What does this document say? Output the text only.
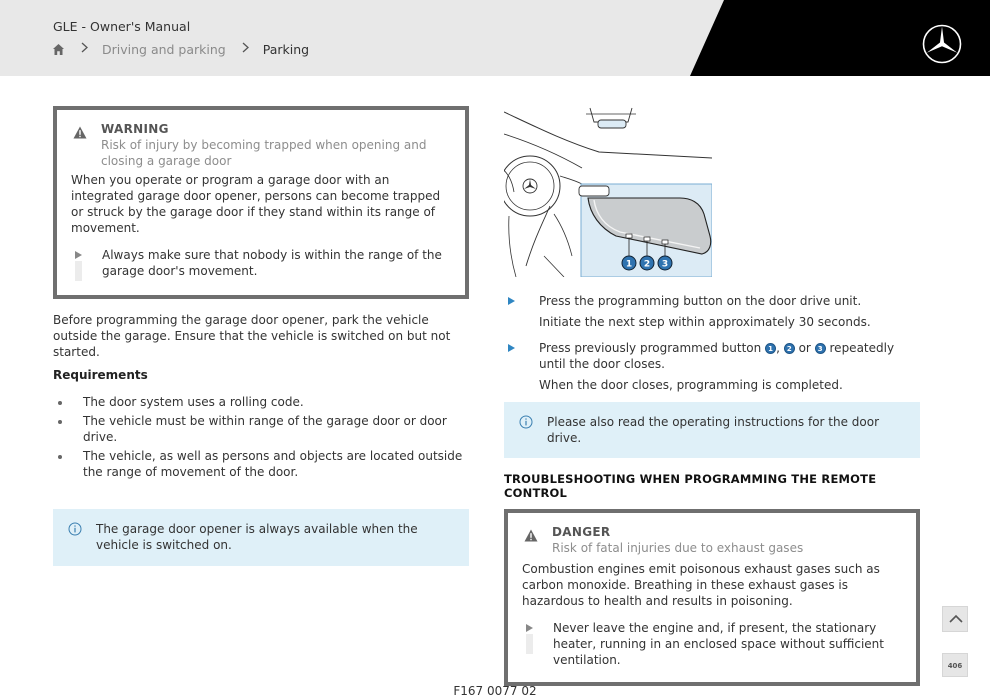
GLE - Owner's Manual
Driving and parking	Parking
WARNING
Risk of injury by becoming trapped when opening and closing a garage door
When you operate or program a garage door with an integrated garage door opener, persons can become trapped or struck by the garage door if they stand within its range of movement.
Always make sure that nobody is within the range of the garage door's movement.
Before programming the garage door opener, park the vehicle outside the garage. Ensure that the vehicle is switched on but not started.
Requirements
The door system uses a rolling code.
The vehicle must be within range of the garage door or door drive.
The vehicle, as well as persons and objects are located outside the range of movement of the door.
The garage door opener is always available when the vehicle is switched on.
1 2 3
Press the programming button on the door drive unit.
Initiate the next step within approximately 30 seconds.
Press previously programmed button 1 , 2 or 3 repeatedly until the door closes.
When the door closes, programming is completed.
Please also read the operating instructions for the door drive.
TROUBLESHOOTING WHEN PROGRAMMING THE REMOTE CONTROL
DANGER
Risk of fatal injuries due to exhaust gases
Combustion engines emit poisonous exhaust gases such as carbon monoxide. Breathing in these exhaust gases is hazardous to health and results in poisoning.
Never leave the engine and, if present, the stationary heater, running in an enclosed space without sufficient ventilation.	406
F167 0077 02
